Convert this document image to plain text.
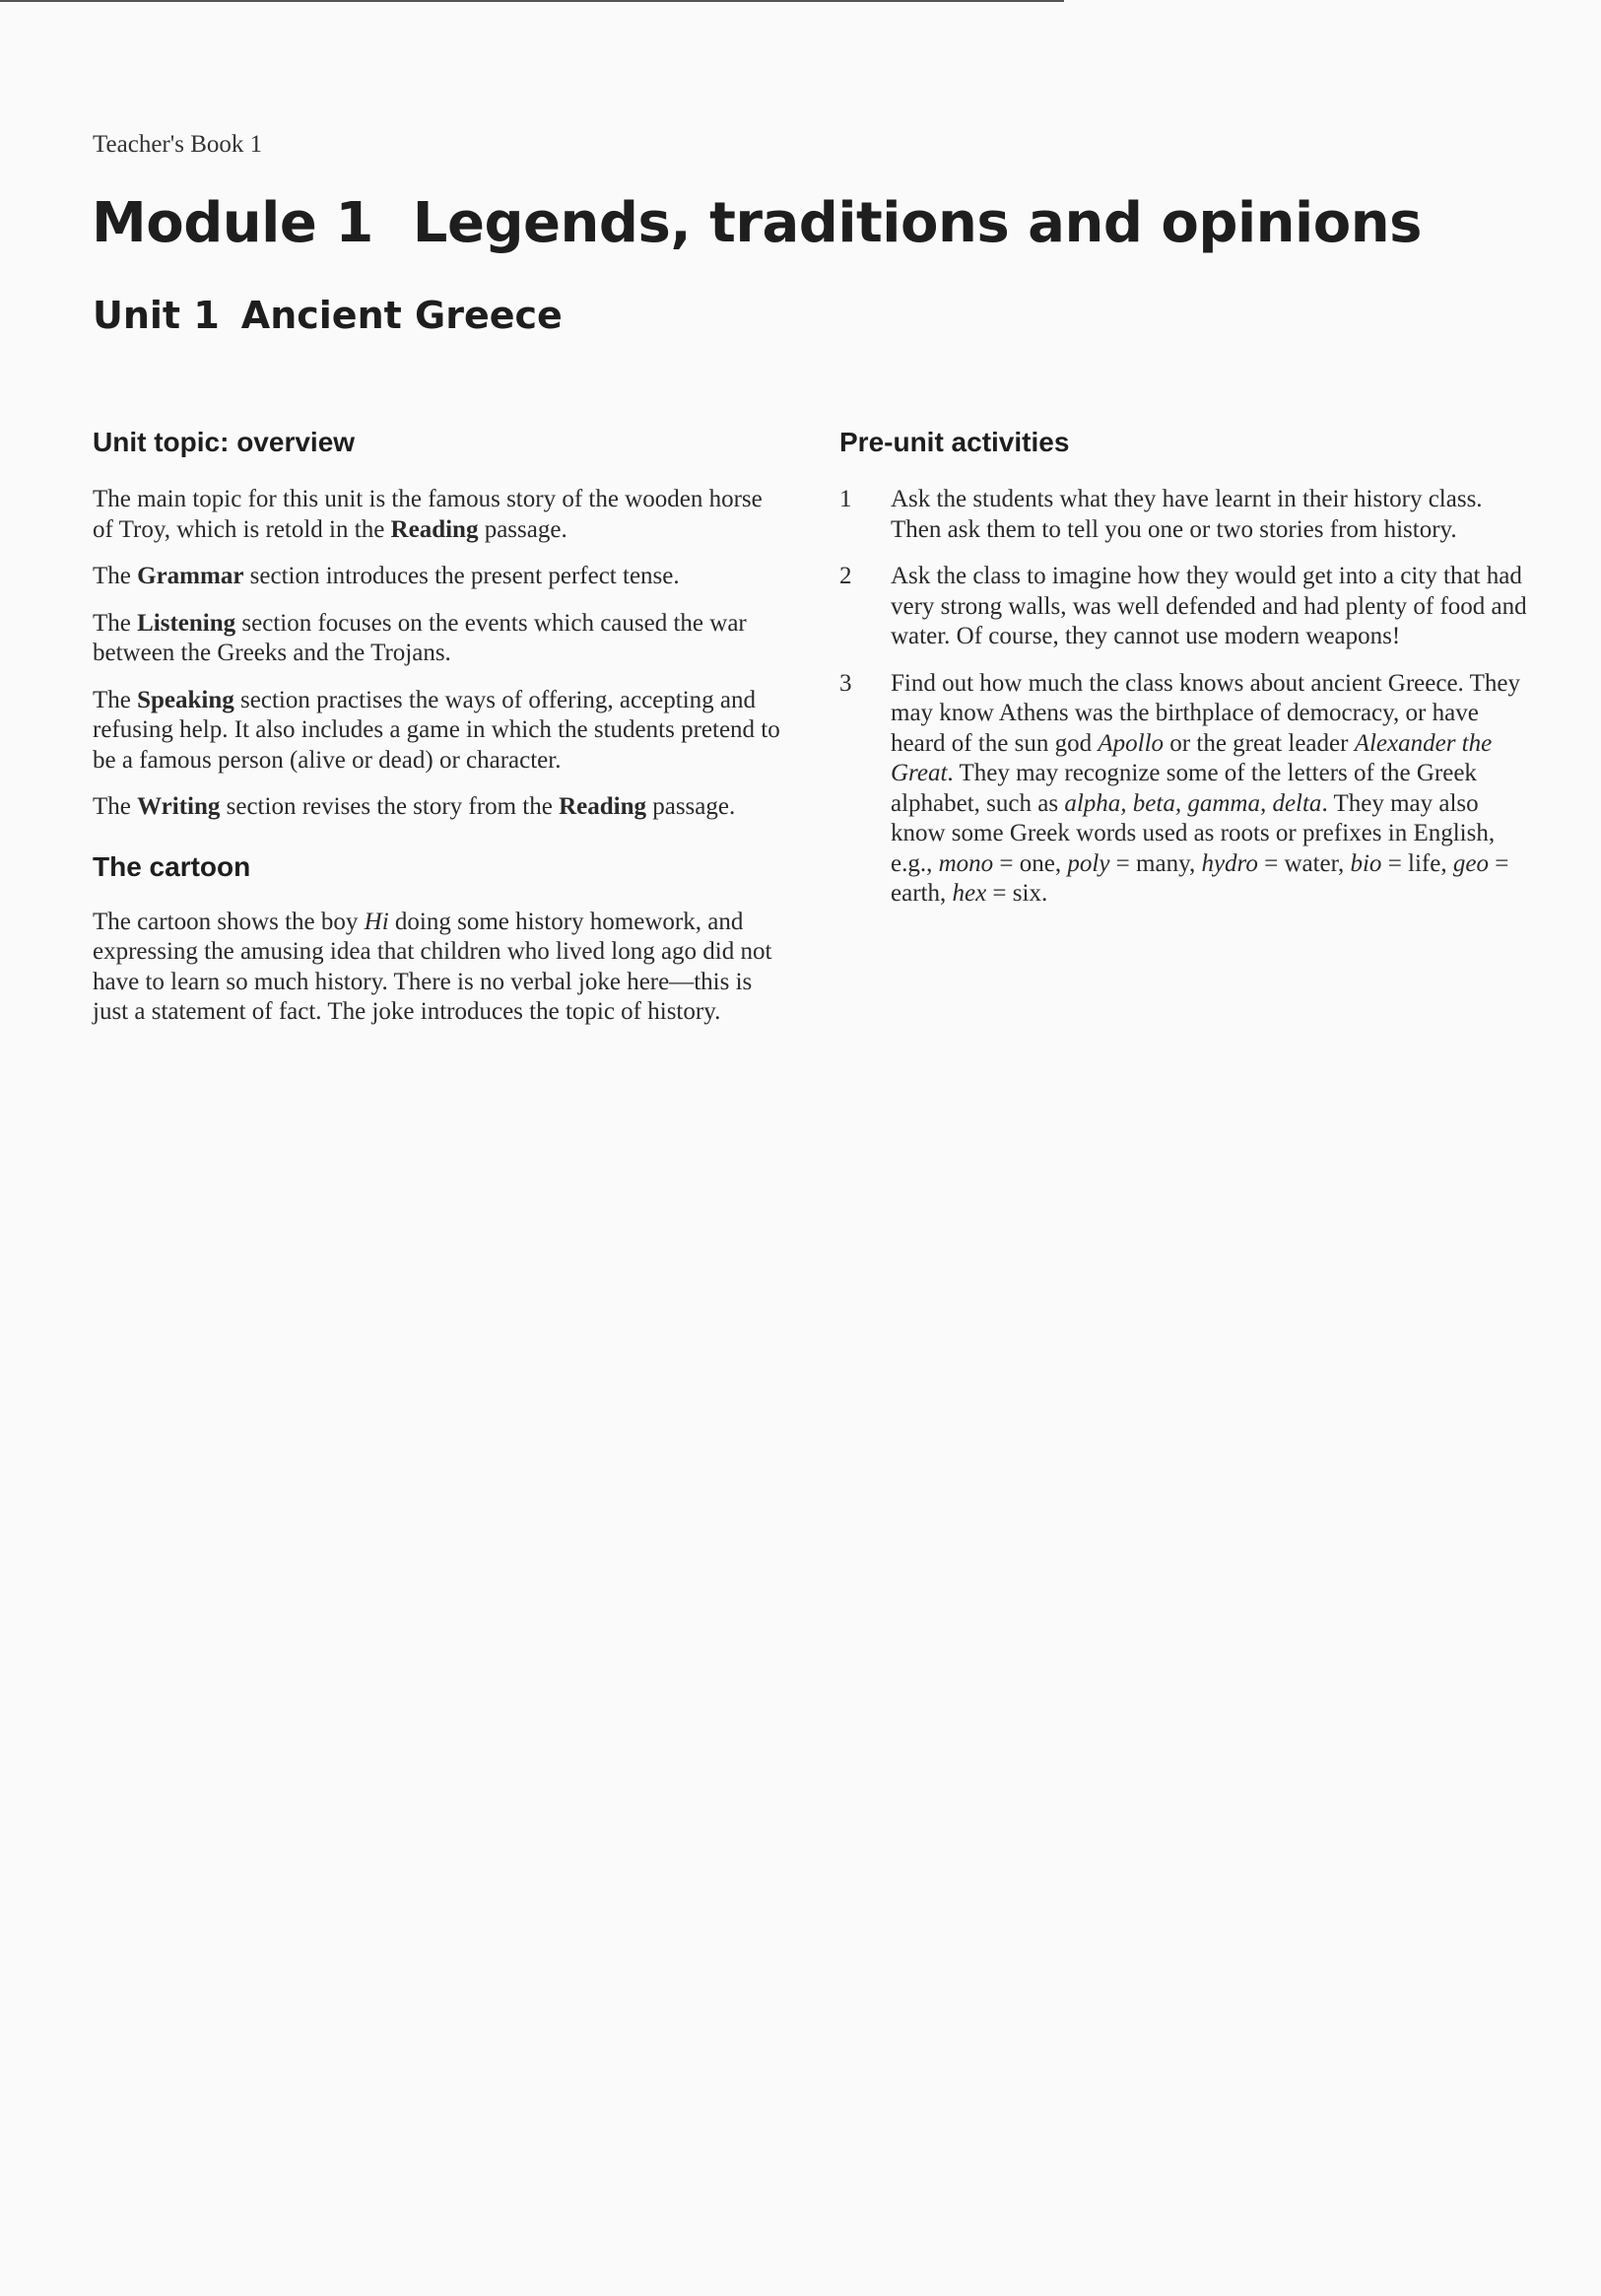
Teacher's Book 1
Module 1 Legends, traditions and opinions
Unit 1 Ancient Greece
Unit topic: overview

The main topic for this unit is the famous story of the wooden horse of Troy, which is retold in the Reading passage.

The Grammar section introduces the present perfect tense.

The Listening section focuses on the events which caused the war between the Greeks and the Trojans.

The Speaking section practises the ways of offering, accepting and refusing help. It also includes a game in which the students pretend to be a famous person (alive or dead) or character.

The Writing section revises the story from the Reading passage.

The cartoon

The cartoon shows the boy Hi doing some history homework, and expressing the amusing idea that children who lived long ago did not have to learn so much history. There is no verbal joke here—this is just a statement of fact. The joke introduces the topic of history.

Pre-unit activities
1	Ask the students what they have learnt in their history class. Then ask them to tell you one or two stories from history.
2	Ask the class to imagine how they would get into a city that had very strong walls, was well defended and had plenty of food and water. Of course, they cannot use modern weapons!
3	Find out how much the class knows about ancient Greece. They may know Athens was the birthplace of democracy, or have heard of the sun god Apollo or the great leader Alexander the Great. They may recognize some of the letters of the Greek alphabet, such as alpha, beta, gamma, delta. They may also know some Greek words used as roots or prefixes in English, e.g., mono = one, poly = many, hydro = water, bio = life, geo = earth, hex = six.
